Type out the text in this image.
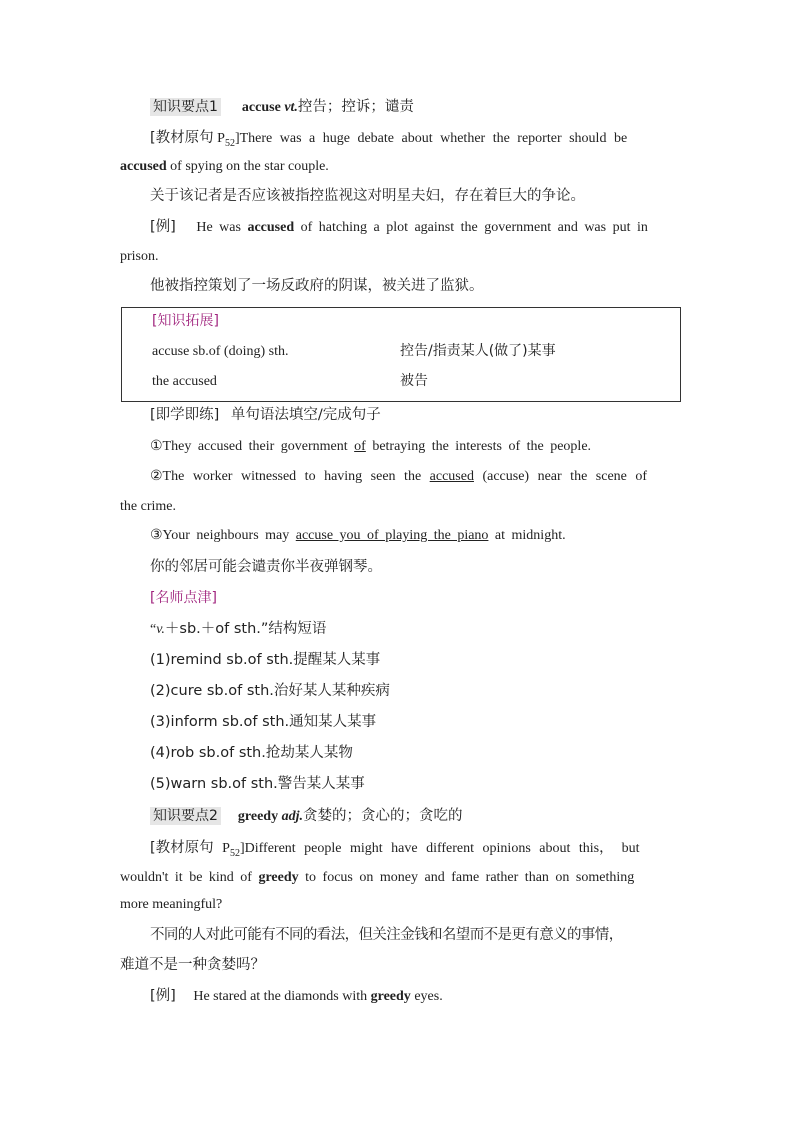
知识要点1 accuse vt.控告；控诉；谴责
[教材原句 $P_{52}]There$ was a huge debate about whether the reporter should be
accused of spying on the star couple.
关于该记者是否应该被指控监视这对明星夫妇，存在着巨大的争论。
[例] He was accused of hatching a plot against the government and was put in
prison.
他被指控策划了一场反政府的阴谋，被关进了监狱。
[知识拓展]
accuse sb.of (doing) sth.	控告/指责某人(做了)某事
the accused	被告
[即学即练] 单句语法填空/完成句子
①They accused their government of betraying the interests of the people.
②The worker witnessed to having seen the accused (accuse) near the scene of
the crime.
③Your neighbours may accuse you of playing the piano at midnight.
你的邻居可能会谴责你半夜弹钢琴。
[名师点津]
“v.＋sb.＋of sth.”结构短语
(1)remind sb.of sth.提醒某人某事
(2)cure sb.of sth.治好某人某种疾病
(3)inform sb.of sth.通知某人某事
(4)rob sb.of sth.抢劫某人某物
(5)warn sb.of sth.警告某人某事
知识要点2 greedy adj.贪婪的；贪心的；贪吃的
[教材原句 $P_{52}]Different$ people might have different opinions about this， but
wouldn't it be kind of greedy to focus on money and fame rather than on something
more meaningful?
不同的人对此可能有不同的看法，但关注金钱和名望而不是更有意义的事情，
难道不是一种贪婪吗？
[例] He stared at the diamonds with greedy eyes.
